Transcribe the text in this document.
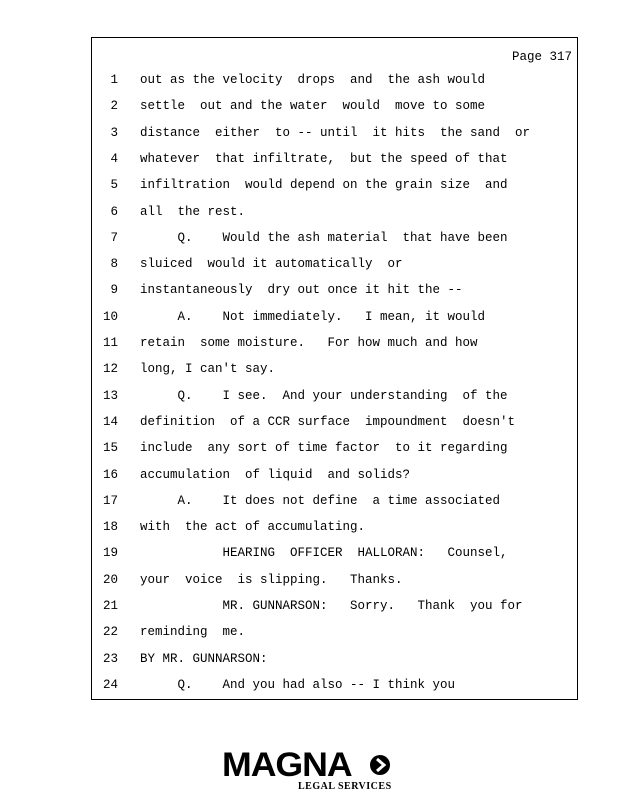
Page 317
1 out as the velocity  drops  and  the ash would
2 settle  out and the water  would  move to some
3 distance  either  to -- until  it hits  the sand  or
4 whatever  that infiltrate,  but the speed of that
5 infiltration  would depend on the grain size  and
6 all  the rest.
7 Q.    Would the ash material  that have been
8 sluiced  would it automatically  or
9 instantaneously  dry out once it hit the --
10 A.    Not immediately.   I mean, it would
11 retain  some moisture.   For how much and how
12 long, I can't say.
13 Q.    I see.  And your understanding  of the
14 definition  of a CCR surface  impoundment  doesn't
15 include  any sort of time factor  to it regarding
16 accumulation  of liquid  and solids?
17 A.    It does not define  a time associated
18 with  the act of accumulating.
19 HEARING  OFFICER  HALLORAN:   Counsel,
20 your  voice  is slipping.   Thanks.
21 MR. GUNNARSON:   Sorry.   Thank  you for
22 reminding  me.
23 BY MR. GUNNARSON:
24 Q.    And you had also -- I think you
MAGNA
LEGAL SERVICES
